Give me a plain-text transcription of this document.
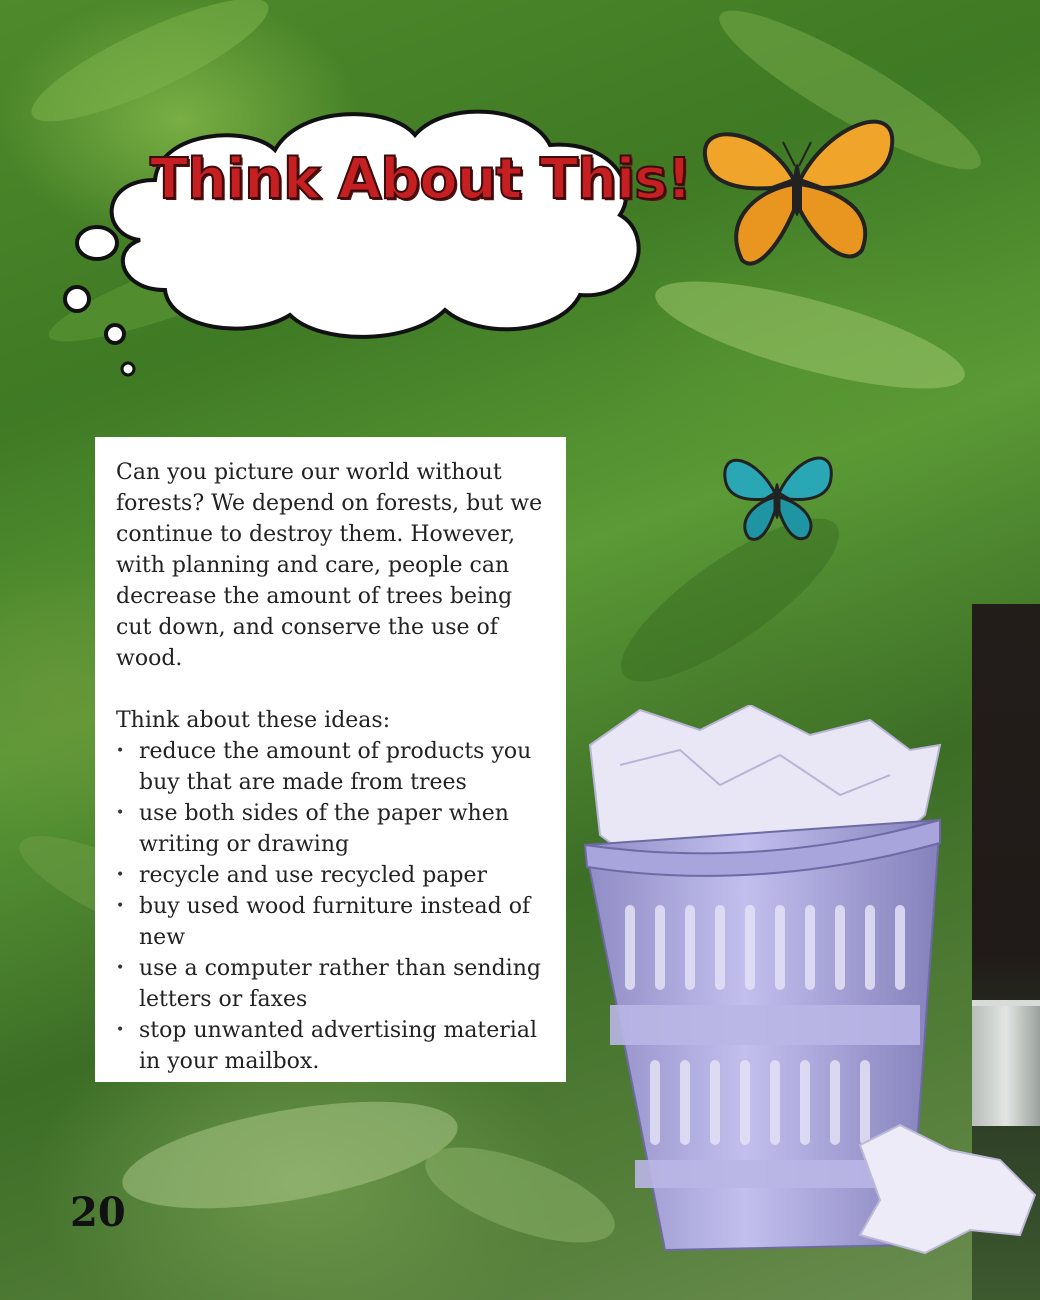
Think About This!

Can you picture our world without forests? We depend on forests, but we continue to destroy them. However, with planning and care, people can decrease the amount of trees being cut down, and conserve the use of wood.

Think about these ideas:

• reduce the amount of products you buy that are made from trees
• use both sides of the paper when writing or drawing
• recycle and use recycled paper
• buy used wood furniture instead of new
• use a computer rather than sending letters or faxes
• stop unwanted advertising material in your mailbox.
20
